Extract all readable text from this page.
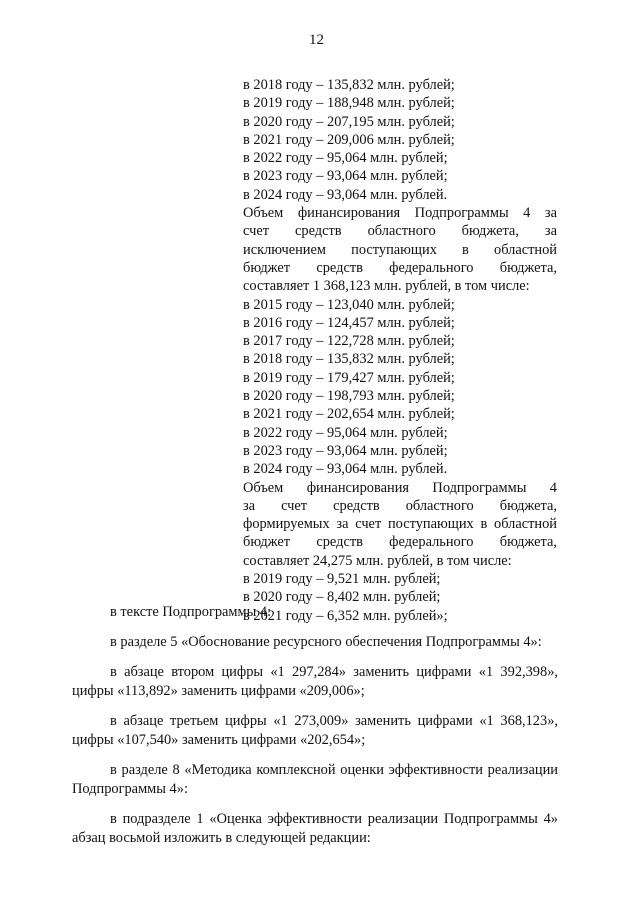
12
в 2018 году – 135,832 млн. рублей;
в 2019 году – 188,948 млн. рублей;
в 2020 году – 207,195 млн. рублей;
в 2021 году – 209,006 млн. рублей;
в 2022 году – 95,064 млн. рублей;
в 2023 году – 93,064 млн. рублей;
в 2024 году – 93,064 млн. рублей.
Объем финансирования Подпрограммы 4 за
счет средств областного бюджета, за
исключением поступающих в областной
бюджет средств федерального бюджета,
составляет 1 368,123 млн. рублей, в том числе:
в 2015 году – 123,040 млн. рублей;
в 2016 году – 124,457 млн. рублей;
в 2017 году – 122,728 млн. рублей;
в 2018 году – 135,832 млн. рублей;
в 2019 году – 179,427 млн. рублей;
в 2020 году – 198,793 млн. рублей;
в 2021 году – 202,654 млн. рублей;
в 2022 году – 95,064 млн. рублей;
в 2023 году – 93,064 млн. рублей;
в 2024 году – 93,064 млн. рублей.
Объем финансирования Подпрограммы 4
за счет средств областного бюджета,
формируемых за счет поступающих в областной
бюджет средств федерального бюджета,
составляет 24,275 млн. рублей, в том числе:
в 2019 году – 9,521 млн. рублей;
в 2020 году – 8,402 млн. рублей;
в 2021 году – 6,352 млн. рублей»;

в тексте Подпрограммы 4:

в разделе 5 «Обоснование ресурсного обеспечения Подпрограммы 4»:

в абзаце втором цифры «1 297,284» заменить цифрами «1 392,398»,
цифры «113,892» заменить цифрами «209,006»;

в абзаце третьем цифры «1 273,009» заменить цифрами «1 368,123»,
цифры «107,540» заменить цифрами «202,654»;

в разделе 8 «Методика комплексной оценки эффективности реализации
Подпрограммы 4»:

в подразделе 1 «Оценка эффективности реализации Подпрограммы 4»
абзац восьмой изложить в следующей редакции:
